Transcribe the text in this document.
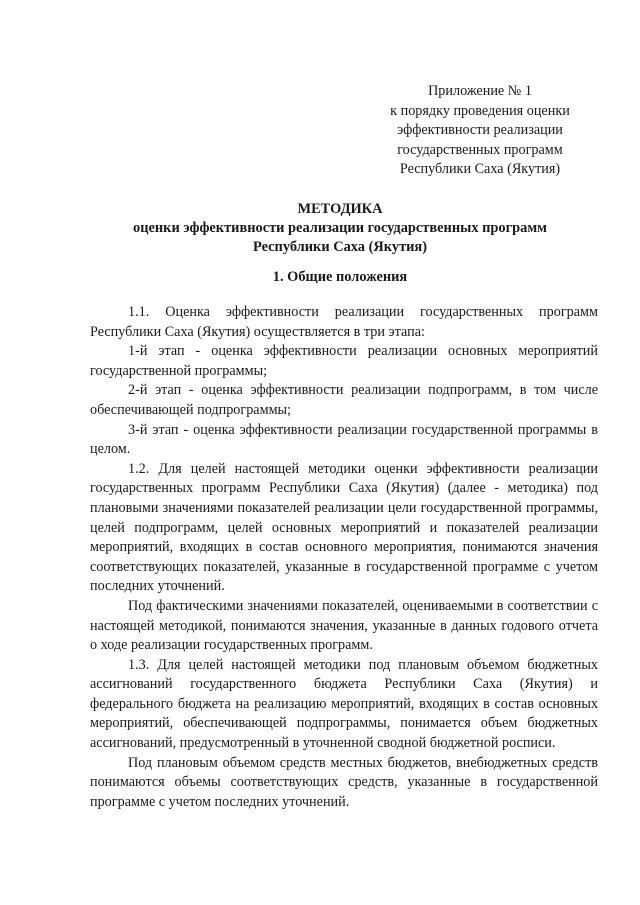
Приложение № 1
к порядку проведения оценки
эффективности реализации
государственных программ
Республики Саха (Якутия)
МЕТОДИКА
оценки эффективности реализации государственных программ
Республики Саха (Якутия)
1. Общие положения

1.1. Оценка эффективности реализации государственных программ Республики Саха (Якутия) осуществляется в три этапа:

1-й этап - оценка эффективности реализации основных мероприятий государственной программы;

2-й этап - оценка эффективности реализации подпрограмм, в том числе обеспечивающей подпрограммы;

3-й этап - оценка эффективности реализации государственной программы в целом.

1.2. Для целей настоящей методики оценки эффективности реализации государственных программ Республики Саха (Якутия) (далее - методика) под плановыми значениями показателей реализации цели государственной программы, целей подпрограмм, целей основных мероприятий и показателей реализации мероприятий, входящих в состав основного мероприятия, понимаются значения соответствующих показателей, указанные в государственной программе с учетом последних уточнений.

Под фактическими значениями показателей, оцениваемыми в соответствии с настоящей методикой, понимаются значения, указанные в данных годового отчета о ходе реализации государственных программ.

1.3. Для целей настоящей методики под плановым объемом бюджетных ассигнований государственного бюджета Республики Саха (Якутия) и федерального бюджета на реализацию мероприятий, входящих в состав основных мероприятий, обеспечивающей подпрограммы, понимается объем бюджетных ассигнований, предусмотренный в уточненной сводной бюджетной росписи.

Под плановым объемом средств местных бюджетов, внебюджетных средств понимаются объемы соответствующих средств, указанные в государственной программе с учетом последних уточнений.
